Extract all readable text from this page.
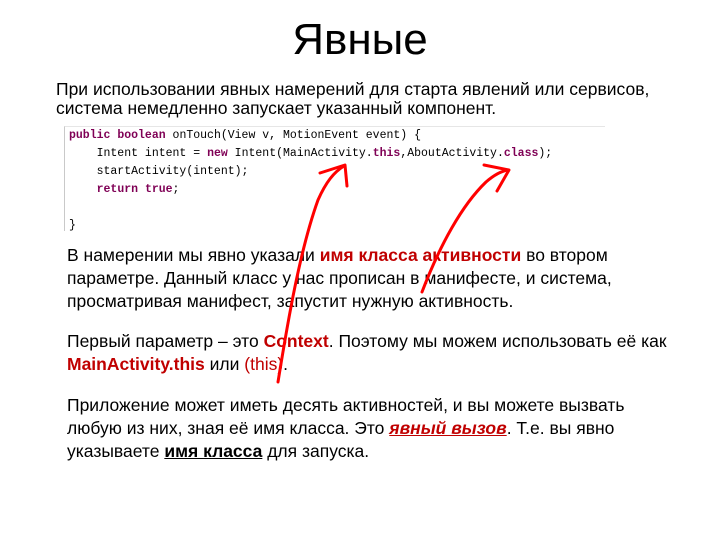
Явные
При использовании явных намерений для старта явлений или сервисов,
система немедленно запускает указанный компонент.
public boolean onTouch(View v, MotionEvent event) {
Intent intent = new Intent(MainActivity.this,AboutActivity.class);
startActivity(intent);
return true;
}
В намерении мы явно указали имя класса активности во втором
параметре. Данный класс у нас прописан в манифесте, и система,
просматривая манифест, запустит нужную активность.
Первый параметр – это Context. Поэтому мы можем использовать её как
MainActivity.this или (this).
Приложение может иметь десять активностей, и вы можете вызвать
любую из них, зная её имя класса. Это явный вызов. Т.е. вы явно
указываете имя класса для запуска.
